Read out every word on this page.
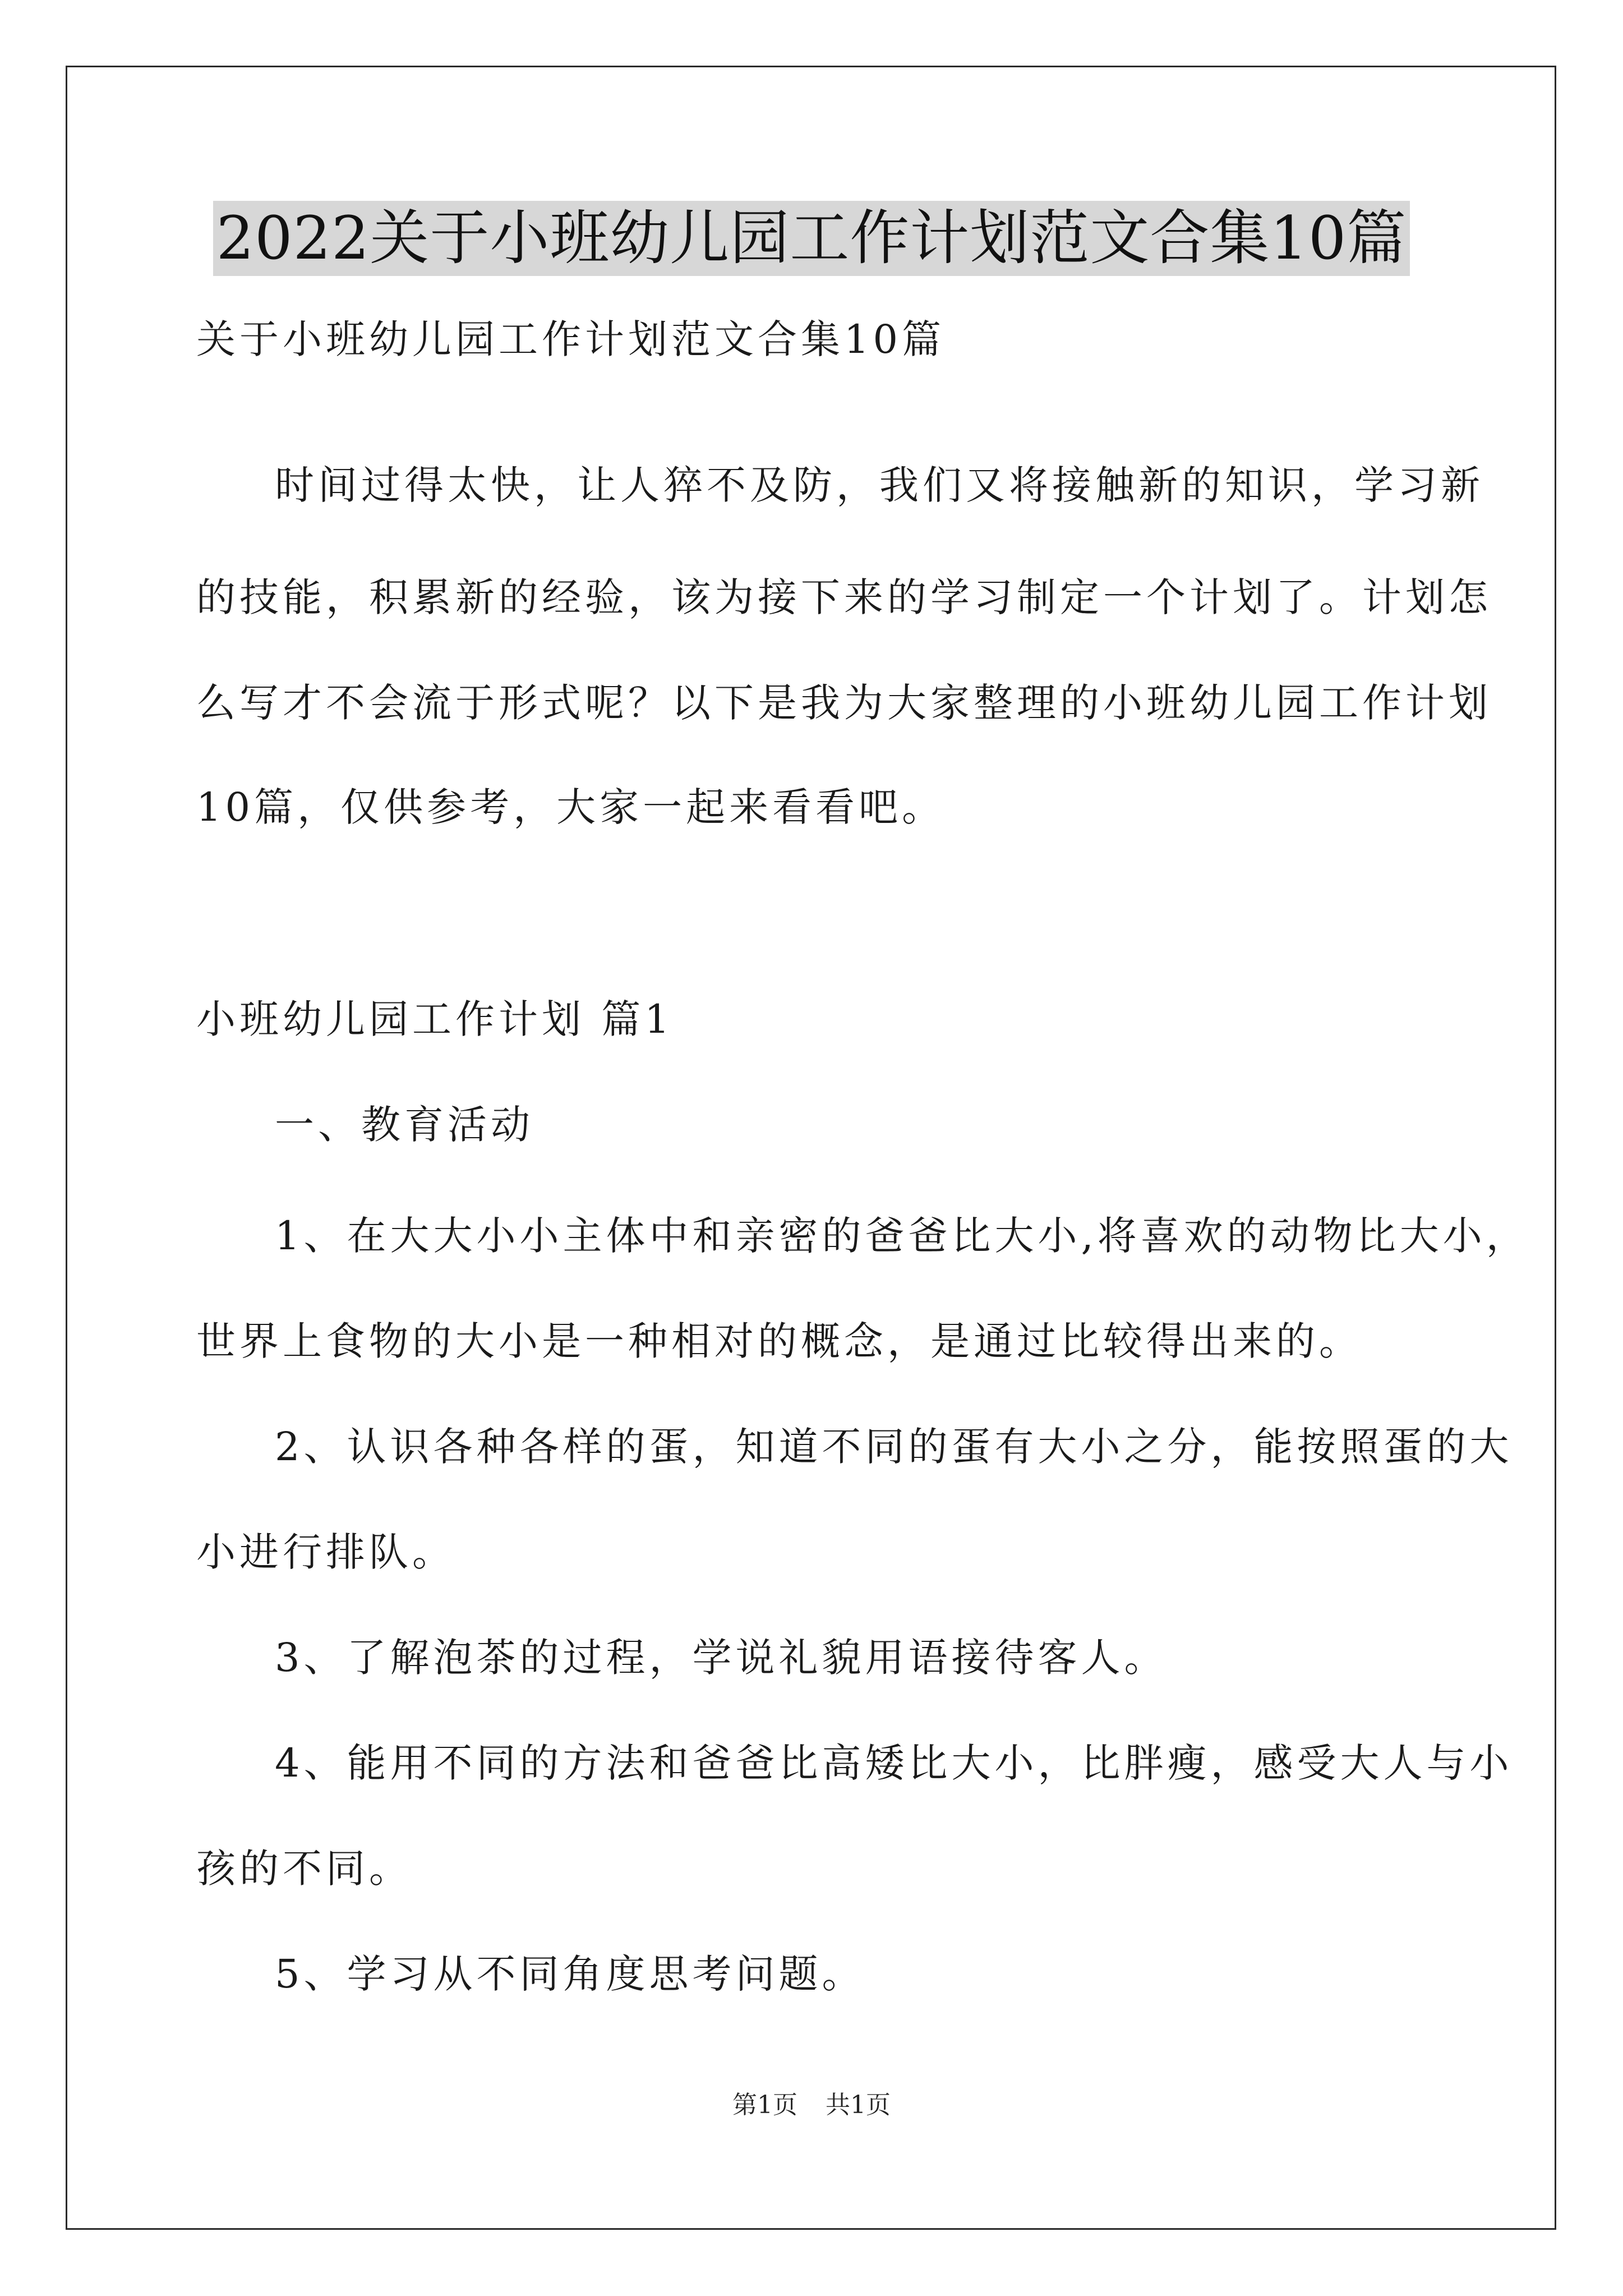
2022关于小班幼儿园工作计划范文合集10篇
关于小班幼儿园工作计划范文合集10篇
时间过得太快，让人猝不及防，我们又将接触新的知识，学习新
的技能，积累新的经验，该为接下来的学习制定一个计划了。计划怎
么写才不会流于形式呢？以下是我为大家整理的小班幼儿园工作计划
10篇，仅供参考，大家一起来看看吧。
小班幼儿园工作计划 篇1
一、教育活动
1、在大大小小主体中和亲密的爸爸比大小,将喜欢的动物比大小，
世界上食物的大小是一种相对的概念，是通过比较得出来的。
2、认识各种各样的蛋，知道不同的蛋有大小之分，能按照蛋的大
小进行排队。
3、了解泡茶的过程，学说礼貌用语接待客人。
4、能用不同的方法和爸爸比高矮比大小，比胖瘦，感受大人与小
孩的不同。
5、学习从不同角度思考问题。
第1页 共1页
